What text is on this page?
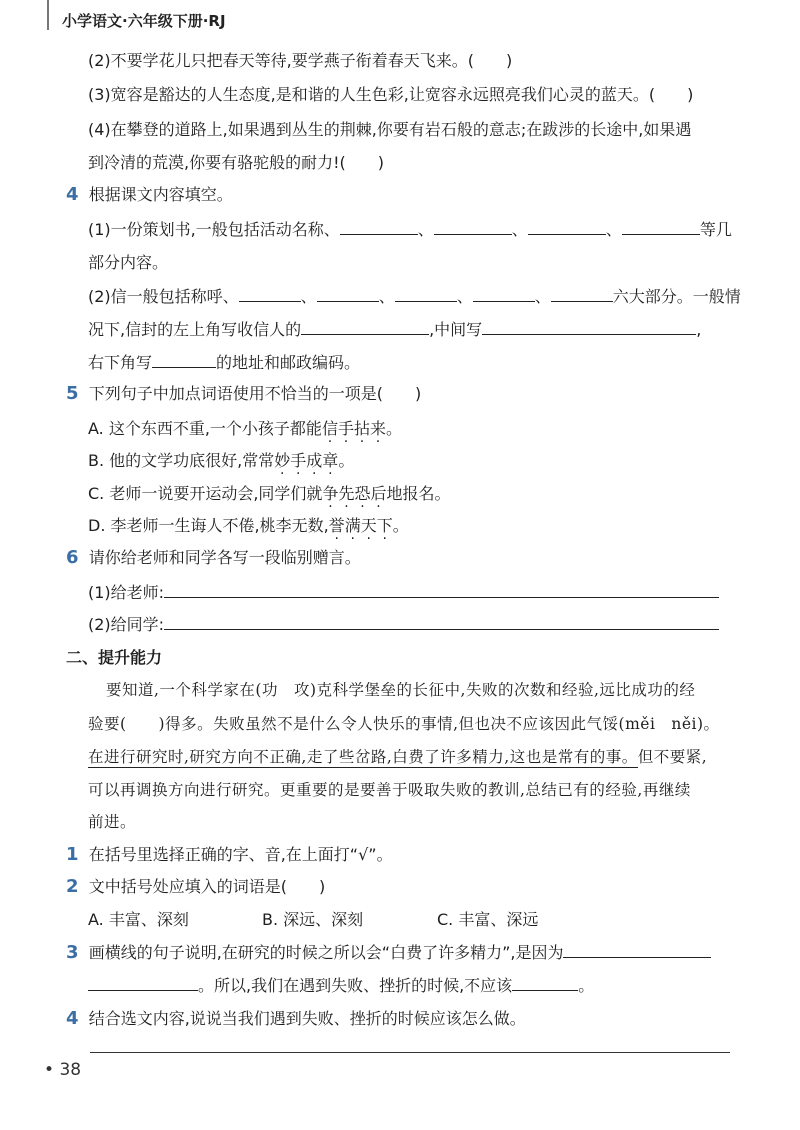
小学语文·六年级下册·RJ
(2)不要学花儿只把春天等待,要学燕子衔着春天飞来。(　　)
(3)宽容是豁达的人生态度,是和谐的人生色彩,让宽容永远照亮我们心灵的蓝天。(　　)
(4)在攀登的道路上,如果遇到丛生的荆棘,你要有岩石般的意志;在跋涉的长途中,如果遇
到冷清的荒漠,你要有骆驼般的耐力!(　　)
4 根据课文内容填空。
(1)一份策划书,一般包括活动名称、	、	、	、	等几
部分内容。
(2)信一般包括称呼、	、	、	、	、	六大部分。一般情
况下,信封的左上角写收信人的	,中间写	,
右下角写	的地址和邮政编码。
5 下列句子中加点词语使用不恰当的一项是(　　)
A. 这个东西不重,一个小孩子都能信手拈来。
B. 他的文学功底很好,常常妙手成章。
C. 老师一说要开运动会,同学们就争先恐后地报名。
D. 李老师一生诲人不倦,桃李无数,誉满天下。
6 请你给老师和同学各写一段临别赠言。
(1)给老师:
(2)给同学:
二、提升能力
要知道,一个科学家在(功　攻)克科学堡垒的长征中,失败的次数和经验,远比成功的经
验要(　　)得多。失败虽然不是什么令人快乐的事情,但也决不应该因此气馁(měi　něi)。
在进行研究时,研究方向不正确,走了些岔路,白费了许多精力,这也是常有的事。但不要紧,
可以再调换方向进行研究。更重要的是要善于吸取失败的教训,总结已有的经验,再继续
前进。
1 在括号里选择正确的字、音,在上面打“√”。
2 文中括号处应填入的词语是(　　)
A. 丰富、深刻	B. 深远、深刻	C. 丰富、深远
3 画横线的句子说明,在研究的时候之所以会“白费了许多精力”,是因为
。所以,我们在遇到失败、挫折的时候,不应该	。
4 结合选文内容,说说当我们遇到失败、挫折的时候应该怎么做。
• 38
